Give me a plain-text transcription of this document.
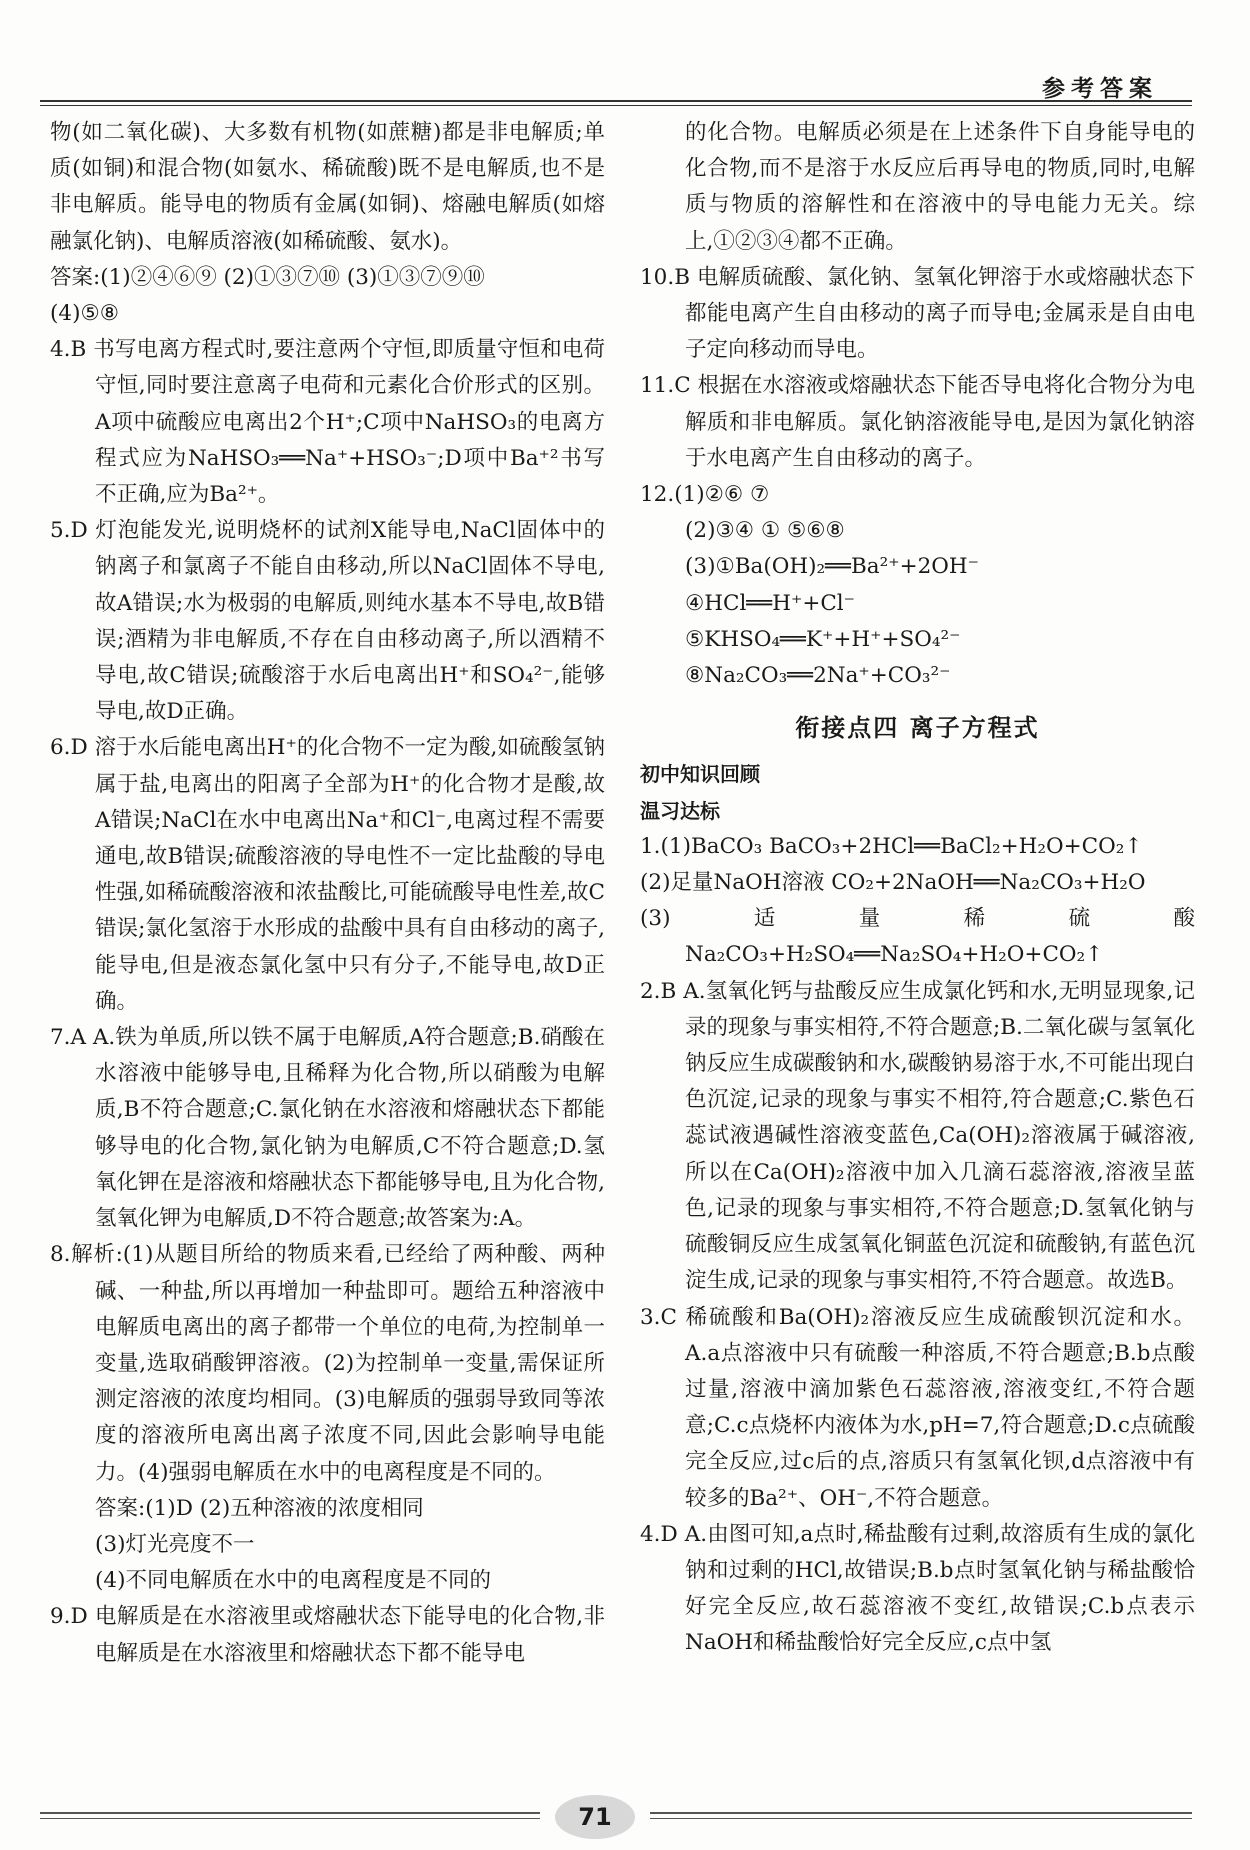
参考答案

物(如二氧化碳)、大多数有机物(如蔗糖)都是非电解质;单质(如铜)和混合物(如氨水、稀硫酸)既不是电解质,也不是非电解质。能导电的物质有金属(如铜)、熔融电解质(如熔融氯化钠)、电解质溶液(如稀硫酸、氨水)。

答案:(1)②④⑥⑨ (2)①③⑦⑩ (3)①③⑦⑨⑩

(4)⑤⑧

4.B 书写电离方程式时,要注意两个守恒,即质量守恒和电荷守恒,同时要注意离子电荷和元素化合价形式的区别。A项中硫酸应电离出2个H⁺;C项中NaHSO₃的电离方程式应为NaHSO₃══Na⁺+HSO₃⁻;D项中Ba⁺²书写不正确,应为Ba²⁺。

5.D 灯泡能发光,说明烧杯的试剂X能导电,NaCl固体中的钠离子和氯离子不能自由移动,所以NaCl固体不导电,故A错误;水为极弱的电解质,则纯水基本不导电,故B错误;酒精为非电解质,不存在自由移动离子,所以酒精不导电,故C错误;硫酸溶于水后电离出H⁺和SO₄²⁻,能够导电,故D正确。

6.D 溶于水后能电离出H⁺的化合物不一定为酸,如硫酸氢钠属于盐,电离出的阳离子全部为H⁺的化合物才是酸,故A错误;NaCl在水中电离出Na⁺和Cl⁻,电离过程不需要通电,故B错误;硫酸溶液的导电性不一定比盐酸的导电性强,如稀硫酸溶液和浓盐酸比,可能硫酸导电性差,故C错误;氯化氢溶于水形成的盐酸中具有自由移动的离子,能导电,但是液态氯化氢中只有分子,不能导电,故D正确。

7.A A.铁为单质,所以铁不属于电解质,A符合题意;B.硝酸在水溶液中能够导电,且稀释为化合物,所以硝酸为电解质,B不符合题意;C.氯化钠在水溶液和熔融状态下都能够导电的化合物,氯化钠为电解质,C不符合题意;D.氢氧化钾在是溶液和熔融状态下都能够导电,且为化合物,氢氧化钾为电解质,D不符合题意;故答案为:A。

8.解析:(1)从题目所给的物质来看,已经给了两种酸、两种碱、一种盐,所以再增加一种盐即可。题给五种溶液中电解质电离出的离子都带一个单位的电荷,为控制单一变量,选取硝酸钾溶液。(2)为控制单一变量,需保证所测定溶液的浓度均相同。(3)电解质的强弱导致同等浓度的溶液所电离出离子浓度不同,因此会影响导电能力。(4)强弱电解质在水中的电离程度是不同的。

答案:(1)D (2)五种溶液的浓度相同

(3)灯光亮度不一

(4)不同电解质在水中的电离程度是不同的

9.D 电解质是在水溶液里或熔融状态下能导电的化合物,非电解质是在水溶液里和熔融状态下都不能导电

的化合物。电解质必须是在上述条件下自身能导电的化合物,而不是溶于水反应后再导电的物质,同时,电解质与物质的溶解性和在溶液中的导电能力无关。综上,①②③④都不正确。

10.B 电解质硫酸、氯化钠、氢氧化钾溶于水或熔融状态下都能电离产生自由移动的离子而导电;金属汞是自由电子定向移动而导电。

11.C 根据在水溶液或熔融状态下能否导电将化合物分为电解质和非电解质。氯化钠溶液能导电,是因为氯化钠溶于水电离产生自由移动的离子。

12.(1)②⑥ ⑦

(2)③④ ① ⑤⑥⑧

(3)①Ba(OH)₂══Ba²⁺+2OH⁻

④HCl══H⁺+Cl⁻

⑤KHSO₄══K⁺+H⁺+SO₄²⁻

⑧Na₂CO₃══2Na⁺+CO₃²⁻

衔接点四 离子方程式

初中知识回顾

温习达标

1.(1)BaCO₃ BaCO₃+2HCl══BaCl₂+H₂O+CO₂↑

(2)足量NaOH溶液 CO₂+2NaOH══Na₂CO₃+H₂O

(3)适量稀硫酸 Na₂CO₃+H₂SO₄══Na₂SO₄+H₂O+CO₂↑

2.B A.氢氧化钙与盐酸反应生成氯化钙和水,无明显现象,记录的现象与事实相符,不符合题意;B.二氧化碳与氢氧化钠反应生成碳酸钠和水,碳酸钠易溶于水,不可能出现白色沉淀,记录的现象与事实不相符,符合题意;C.紫色石蕊试液遇碱性溶液变蓝色,Ca(OH)₂溶液属于碱溶液,所以在Ca(OH)₂溶液中加入几滴石蕊溶液,溶液呈蓝色,记录的现象与事实相符,不符合题意;D.氢氧化钠与硫酸铜反应生成氢氧化铜蓝色沉淀和硫酸钠,有蓝色沉淀生成,记录的现象与事实相符,不符合题意。故选B。

3.C 稀硫酸和Ba(OH)₂溶液反应生成硫酸钡沉淀和水。A.a点溶液中只有硫酸一种溶质,不符合题意;B.b点酸过量,溶液中滴加紫色石蕊溶液,溶液变红,不符合题意;C.c点烧杯内液体为水,pH=7,符合题意;D.c点硫酸完全反应,过c后的点,溶质只有氢氧化钡,d点溶液中有较多的Ba²⁺、OH⁻,不符合题意。

4.D A.由图可知,a点时,稀盐酸有过剩,故溶质有生成的氯化钠和过剩的HCl,故错误;B.b点时氢氧化钠与稀盐酸恰好完全反应,故石蕊溶液不变红,故错误;C.b点表示NaOH和稀盐酸恰好完全反应,c点中氢

71
